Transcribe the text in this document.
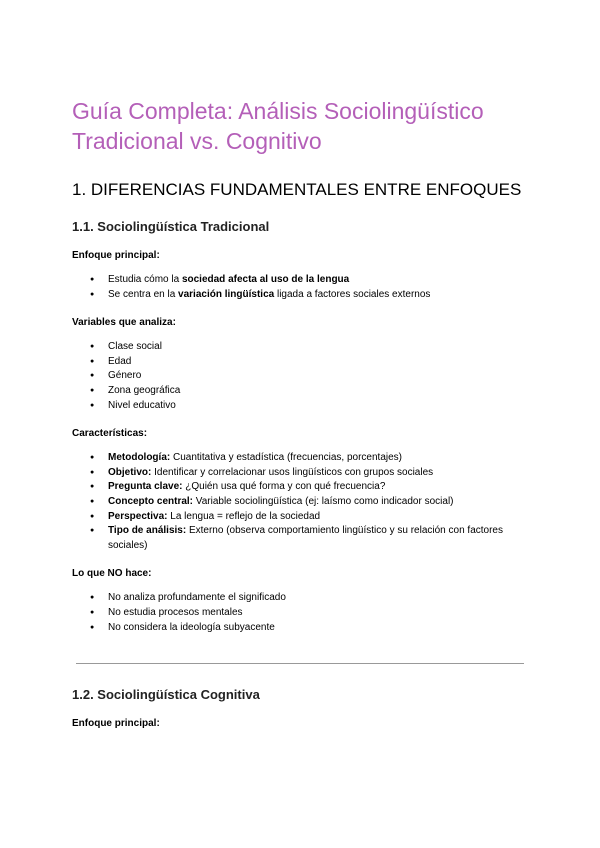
Guía Completa: Análisis Sociolingüístico Tradicional vs. Cognitivo
1. DIFERENCIAS FUNDAMENTALES ENTRE ENFOQUES
1.1. Sociolingüística Tradicional

Enfoque principal:

● Estudia cómo la sociedad afecta al uso de la lengua
● Se centra en la variación lingüística ligada a factores sociales externos

Variables que analiza:

● Clase social
● Edad
● Género
● Zona geográfica
● Nivel educativo

Características:

● Metodología: Cuantitativa y estadística (frecuencias, porcentajes)
● Objetivo: Identificar y correlacionar usos lingüísticos con grupos sociales
● Pregunta clave: ¿Quién usa qué forma y con qué frecuencia?
● Concepto central: Variable sociolingüística (ej: laísmo como indicador social)
● Perspectiva: La lengua = reflejo de la sociedad
● Tipo de análisis: Externo (observa comportamiento lingüístico y su relación con factores sociales)

Lo que NO hace:

● No analiza profundamente el significado
● No estudia procesos mentales
● No considera la ideología subyacente
1.2. Sociolingüística Cognitiva

Enfoque principal:
